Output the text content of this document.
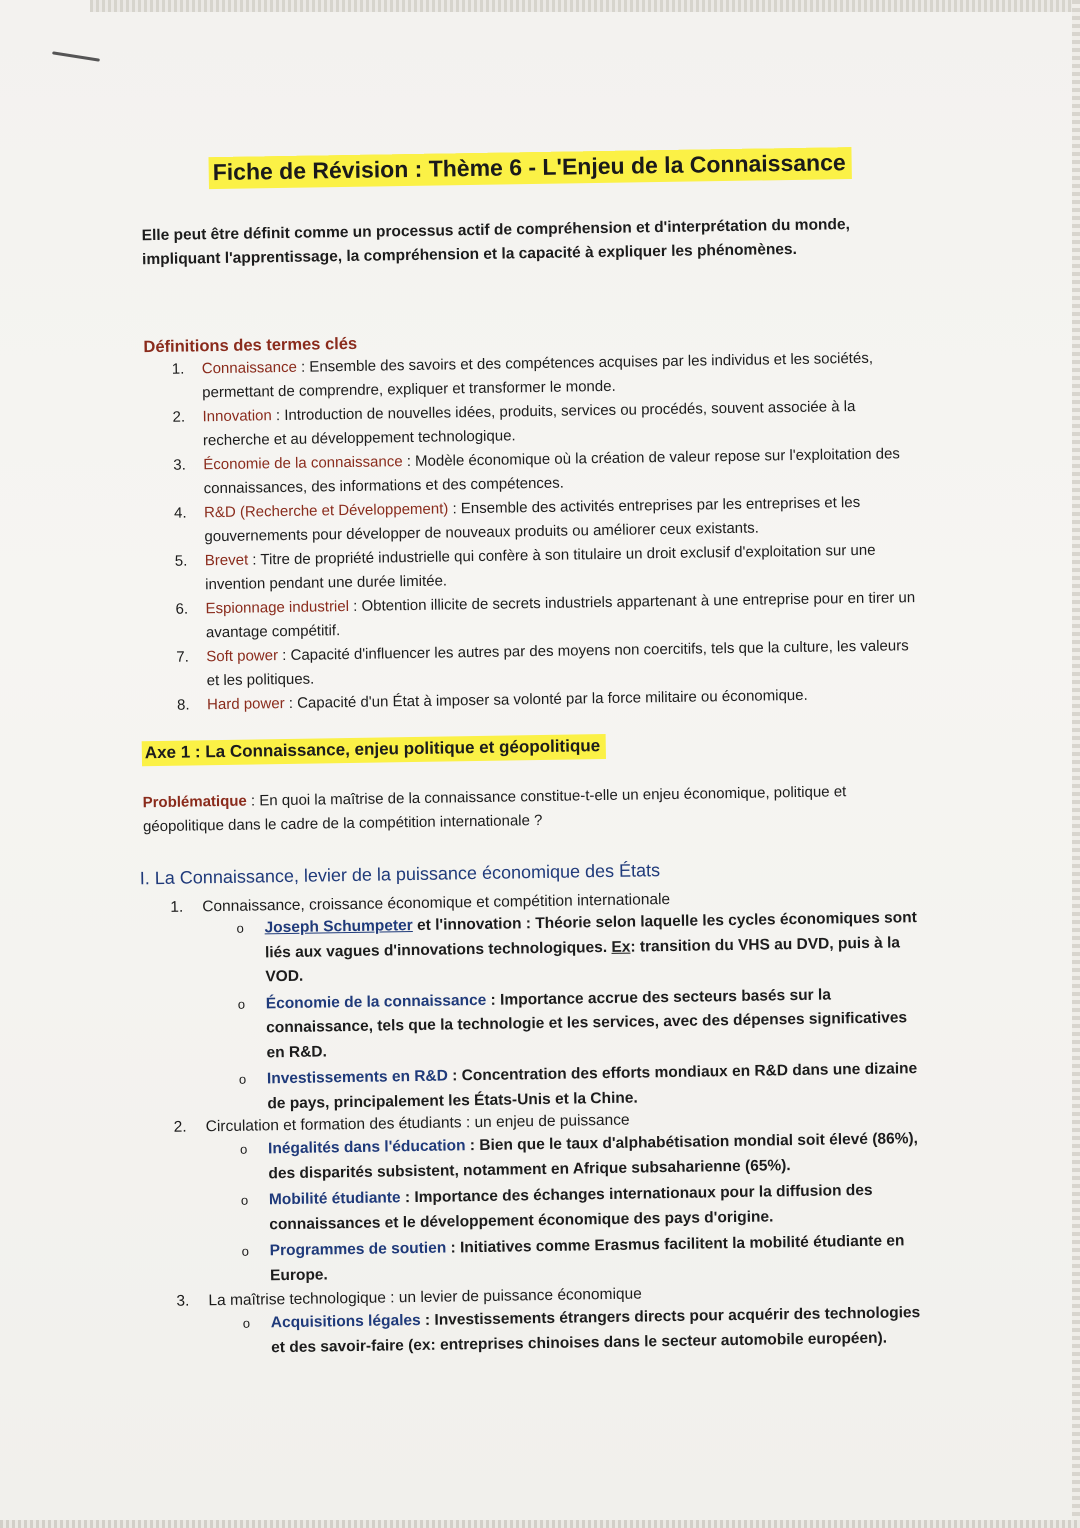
Fiche de Révision : Thème 6 - L'Enjeu de la Connaissance
Elle peut être définit comme un processus actif de compréhension et d'interprétation du monde, impliquant l'apprentissage, la compréhension et la capacité à expliquer les phénomènes.
Définitions des termes clés
1. Connaissance : Ensemble des savoirs et des compétences acquises par les individus et les sociétés, permettant de comprendre, expliquer et transformer le monde.
2. Innovation : Introduction de nouvelles idées, produits, services ou procédés, souvent associée à la recherche et au développement technologique.
3. Économie de la connaissance : Modèle économique où la création de valeur repose sur l'exploitation des connaissances, des informations et des compétences.
4. R&D (Recherche et Développement) : Ensemble des activités entreprises par les entreprises et les gouvernements pour développer de nouveaux produits ou améliorer ceux existants.
5. Brevet : Titre de propriété industrielle qui confère à son titulaire un droit exclusif d'exploitation sur une invention pendant une durée limitée.
6. Espionnage industriel : Obtention illicite de secrets industriels appartenant à une entreprise pour en tirer un avantage compétitif.
7. Soft power : Capacité d'influencer les autres par des moyens non coercitifs, tels que la culture, les valeurs et les politiques.
8. Hard power : Capacité d'un État à imposer sa volonté par la force militaire ou économique.
Axe 1 : La Connaissance, enjeu politique et géopolitique
Problématique : En quoi la maîtrise de la connaissance constitue-t-elle un enjeu économique, politique et géopolitique dans le cadre de la compétition internationale ?
I. La Connaissance, levier de la puissance économique des États
1. Connaissance, croissance économique et compétition internationale
o Joseph Schumpeter et l'innovation : Théorie selon laquelle les cycles économiques sont liés aux vagues d'innovations technologiques. Ex: transition du VHS au DVD, puis à la VOD.
o Économie de la connaissance : Importance accrue des secteurs basés sur la connaissance, tels que la technologie et les services, avec des dépenses significatives en R&D.
o Investissements en R&D : Concentration des efforts mondiaux en R&D dans une dizaine de pays, principalement les États-Unis et la Chine.
2. Circulation et formation des étudiants : un enjeu de puissance
o Inégalités dans l'éducation : Bien que le taux d'alphabétisation mondial soit élevé (86%), des disparités subsistent, notamment en Afrique subsaharienne (65%).
o Mobilité étudiante : Importance des échanges internationaux pour la diffusion des connaissances et le développement économique des pays d'origine.
o Programmes de soutien : Initiatives comme Erasmus facilitent la mobilité étudiante en Europe.
3. La maîtrise technologique : un levier de puissance économique
o Acquisitions légales : Investissements étrangers directs pour acquérir des technologies et des savoir-faire (ex: entreprises chinoises dans le secteur automobile européen).
